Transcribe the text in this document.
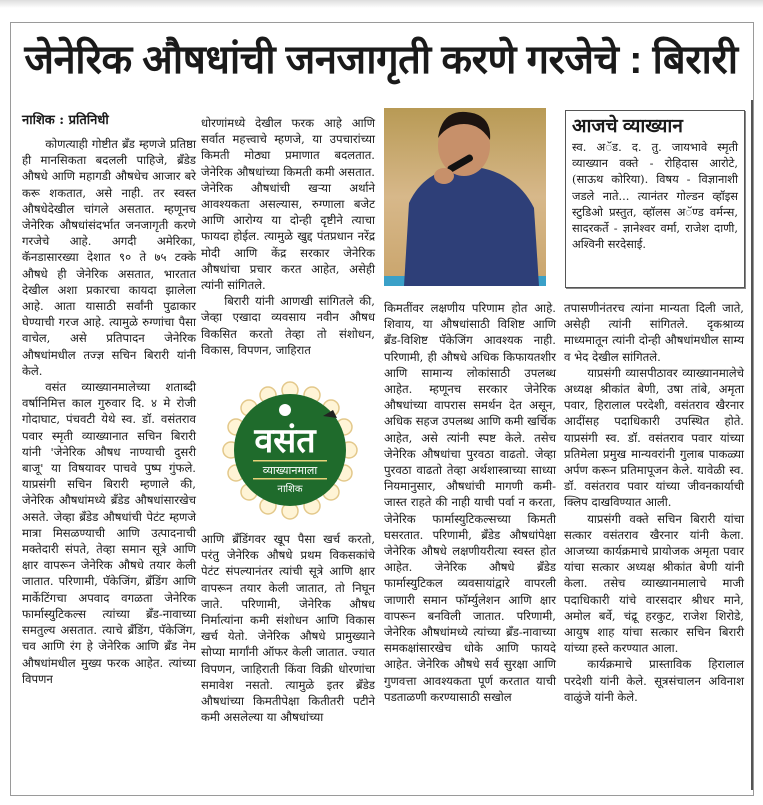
जेनेरिक औषधांची जनजागृती करणे गरजेचे : बिरारी

नाशिक : प्रतिनिधी

कोणत्याही गोष्टीत ब्रँड म्हणजे प्रतिष्ठा ही मानसिकता बदलली पाहिजे, ब्रँडेड औषधे आणि महागडी औषधेच आजार बरे करू शकतात, असे नाही. तर स्वस्त औषधेदेखील चांगले असतात. म्हणूनच जेनेरिक औषधांसंदर्भात जनजागृती करणे गरजेचे आहे. अगदी अमेरिका, कॅनडासारख्या देशात ९० ते ७५ टक्के औषधे ही जेनेरिक असतात, भारतात देखील अशा प्रकारचा कायदा झालेला आहे. आता यासाठी सर्वांनी पुढाकार घेण्याची गरज आहे. त्यामुळे रुग्णांचा पैसा वाचेल, असे प्रतिपादन जेनेरिक औषधांमधील तज्ज्ञ सचिन बिरारी यांनी केले.

वसंत व्याख्यानमालेच्या शताब्दी वर्षानिमित्त काल गुरुवार दि. ४ मे रोजी गोदाघाट, पंचवटी येथे स्व. डॉ. वसंतराव पवार स्मृती व्याख्यानात सचिन बिरारी यांनी 'जेनेरिक औषध नाण्याची दुसरी बाजू' या विषयावर पाचवे पुष्प गुंफले. याप्रसंगी सचिन बिरारी म्हणाले की, जेनेरिक औषधांमध्ये ब्रँडेड औषधांसारखेच असते. जेव्हा ब्रँडेड औषधांची पेटंट म्हणजे मात्रा मिसळण्याची आणि उत्पादनाची मक्तेदारी संपते, तेव्हा समान सूत्रे आणि क्षार वापरून जेनेरिक औषधे तयार केली जातात. परिणामी, पॅकेजिंग, ब्रँडिंग आणि मार्केटिंगचा अपवाद वगळता जेनेरिक फार्मास्युटिकल्स त्यांच्या ब्रँड-नावाच्या समतुल्य असतात. त्याचे ब्रँडिंग, पॅकेजिंग, चव आणि रंग हे जेनेरिक आणि ब्रँड नेम औषधांमधील मुख्य फरक आहेत. त्यांच्या विपणन

धोरणांमध्ये देखील फरक आहे आणि सर्वात महत्त्वाचे म्हणजे, या उपचारांच्या किमती मोठ्या प्रमाणात बदलतात. जेनेरिक औषधांच्या किमती कमी असतात. जेनेरिक औषधांची खऱ्या अर्थाने आवश्यकता असल्यास, रुग्णाला बजेट आणि आरोग्य या दोन्ही दृष्टीने त्याचा फायदा होईल. त्यामुळे खुद्द पंतप्रधान नरेंद्र मोदी आणि केंद्र सरकार जेनेरिक औषधांचा प्रचार करत आहेत, असेही त्यांनी सांगितले.

बिरारी यांनी आणखी सांगितले की, जेव्हा एखादा व्यवसाय नवीन औषध विकसित करतो तेव्हा तो संशोधन, विकास, विपणन, जाहिरात

वसंत
व्याख्यानमाला
नाशिक

आणि ब्रँडिंगवर खूप पैसा खर्च करतो, परंतु जेनेरिक औषधे प्रथम विकसकांचे पेटंट संपल्यानंतर त्यांची सूत्रे आणि क्षार वापरून तयार केली जातात, तो निघून जाते. परिणामी, जेनेरिक औषध निर्मात्यांना कमी संशोधन आणि विकास खर्च येतो. जेनेरिक औषधे प्रामुख्याने सोप्या मार्गांनी ऑफर केली जातात. ज्यात विपणन, जाहिराती किंवा विक्री धोरणांचा समावेश नसतो. त्यामुळे इतर ब्रँडेड औषधांच्या किमतीपेक्षा कितीतरी पटीने कमी असलेल्या या औषधांच्या

किमतींवर लक्षणीय परिणाम होत आहे. शिवाय, या औषधांसाठी विशिष्ट आणि ब्रँड-विशिष्ट पॅकेजिंग आवश्यक नाही. परिणामी, ही औषधे अधिक किफायतशीर आणि सामान्य लोकांसाठी उपलब्ध आहेत. म्हणूनच सरकार जेनेरिक औषधांच्या वापरास समर्थन देत असून, अधिक सहज उपलब्ध आणि कमी खर्चिक आहेत, असे त्यांनी स्पष्ट केले. तसेच जेनेरिक औषधांचा पुरवठा वाढतो. जेव्हा पुरवठा वाढतो तेव्हा अर्थशास्त्राच्या साध्या नियमानुसार, औषधांची मागणी कमी-जास्त राहते की नाही याची पर्वा न करता, जेनेरिक फार्मास्युटिकल्सच्या किमती घसरतात. परिणामी, ब्रँडेड औषधांपेक्षा जेनेरिक औषधे लक्षणीयरीत्या स्वस्त होत आहेत. जेनेरिक औषधे ब्रँडेड फार्मास्युटिकल व्यवसायांद्वारे वापरली जाणारी समान फॉर्म्युलेशन आणि क्षार वापरून बनविली जातात. परिणामी, जेनेरिक औषधांमध्ये त्यांच्या ब्रँड-नावाच्या समकक्षांसारखेच धोके आणि फायदे आहेत. जेनेरिक औषधे सर्व सुरक्षा आणि गुणवत्ता आवश्यकता पूर्ण करतात याची पडताळणी करण्यासाठी सखोल

आजचे व्याख्यान
स्व. अॅड. द. तु. जायभावे स्मृती व्याख्यान वक्ते - रोहिदास आरोटे, (साऊथ कोरिया). विषय - विज्ञानाशी जडले नाते... त्यानंतर गोल्डन व्हॉइस स्टुडिओ प्रस्तुत, व्हॉलस अॅण्ड वर्मन्स, सादरकर्ते - ज्ञानेश्वर वर्मा, राजेश दाणी, अश्विनी सरदेसाई.

तपासणीनंतरच त्यांना मान्यता दिली जाते, असेही त्यांनी सांगितले. दृकश्राव्य माध्यमातून त्यांनी दोन्ही औषधांमधील साम्य व भेद देखील सांगितले.

याप्रसंगी व्यासपीठावर व्याख्यानमालेचे अध्यक्ष श्रीकांत बेणी, उषा तांबे, अमृता पवार, हिरालाल परदेशी, वसंतराव खैरनार आदींसह पदाधिकारी उपस्थित होते. याप्रसंगी स्व. डॉ. वसंतराव पवार यांच्या प्रतिमेला प्रमुख मान्यवरांनी गुलाब पाकळ्या अर्पण करून प्रतिमापूजन केले. यावेळी स्व. डॉ. वसंतराव पवार यांच्या जीवनकार्याची क्लिप दाखविण्यात आली.

याप्रसंगी वक्ते सचिन बिरारी यांचा सत्कार वसंतराव खैरनार यांनी केला. आजच्या कार्यक्रमाचे प्रायोजक अमृता पवार यांचा सत्कार अध्यक्ष श्रीकांत बेणी यांनी केला. तसेच व्याख्यानमालाचे माजी पदाधिकारी यांचे वारसदार श्रीधर माने, अमोल बर्वे, चंद्रू हरकुट, राजेश शिरोडे, आयुष शाह यांचा सत्कार सचिन बिरारी यांच्या हस्ते करण्यात आला.

कार्यक्रमाचे प्रास्ताविक हिरालाल परदेशी यांनी केले. सूत्रसंचालन अविनाश वाळुंजे यांनी केले.
